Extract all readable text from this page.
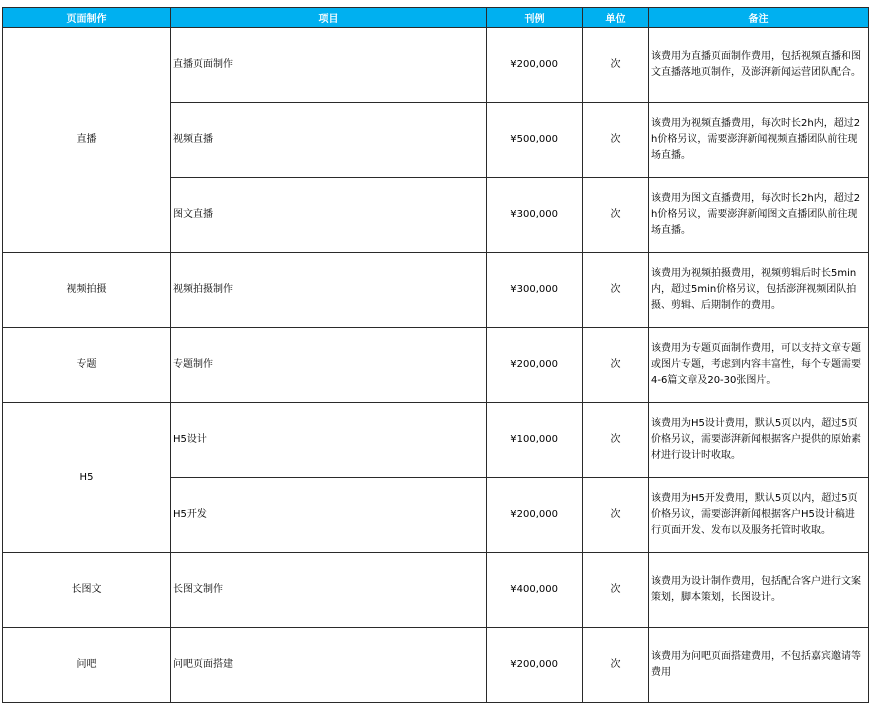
页面制作	项目	刊例	单位	备注
直播	直播页面制作	¥200,000	次	该费用为直播页面制作费用，包括视频直播和图文直播落地页制作，及澎湃新闻运营团队配合。
	视频直播	¥500,000	次	该费用为视频直播费用，每次时长2h内，超过2h价格另议，需要澎湃新闻视频直播团队前往现场直播。
	图文直播	¥300,000	次	该费用为图文直播费用，每次时长2h内，超过2h价格另议，需要澎湃新闻图文直播团队前往现场直播。
视频拍摄	视频拍摄制作	¥300,000	次	该费用为视频拍摄费用，视频剪辑后时长5min内，超过5min价格另议，包括澎湃视频团队拍摄、剪辑、后期制作的费用。
专题	专题制作	¥200,000	次	该费用为专题页面制作费用，可以支持文章专题或图片专题，考虑到内容丰富性，每个专题需要4-6篇文章及20-30张图片。
H5	H5设计	¥100,000	次	该费用为H5设计费用，默认5页以内，超过5页价格另议，需要澎湃新闻根据客户提供的原始素材进行设计时收取。
	H5开发	¥200,000	次	该费用为H5开发费用，默认5页以内，超过5页价格另议，需要澎湃新闻根据客户H5设计稿进行页面开发、发布以及服务托管时收取。
长图文	长图文制作	¥400,000	次	该费用为设计制作费用，包括配合客户进行文案策划，脚本策划，长图设计。
问吧	问吧页面搭建	¥200,000	次	该费用为问吧页面搭建费用，不包括嘉宾邀请等费用
